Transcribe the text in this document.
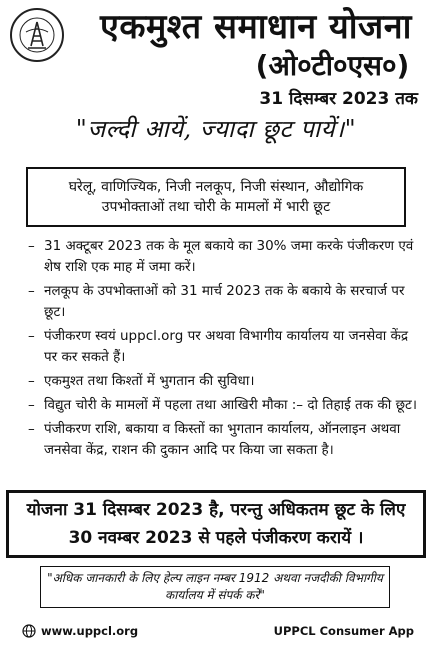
एकमुश्त समाधान योजना
(ओ०टी०एस०)
31 दिसम्बर 2023 तक
"जल्दी आयें, ज्यादा छूट पायें।"
घरेलू, वाणिज्यिक, निजी नलकूप, निजी संस्थान, औद्योगिक उपभोक्ताओं तथा चोरी के मामलों में भारी छूट
– 31 अक्टूबर 2023 तक के मूल बकाये का 30% जमा करके पंजीकरण एवं शेष राशि एक माह में जमा करें।
– नलकूप के उपभोक्ताओं को 31 मार्च 2023 तक के बकाये के सरचार्ज पर छूट।
– पंजीकरण स्वयं uppcl.org पर अथवा विभागीय कार्यालय या जनसेवा केंद्र पर कर सकते हैं।
– एकमुश्त तथा किश्तों में भुगतान की सुविधा।
– विद्युत चोरी के मामलों में पहला तथा आखिरी मौका :– दो तिहाई तक की छूट।
– पंजीकरण राशि, बकाया व किस्तों का भुगतान कार्यालय, ऑनलाइन अथवा जनसेवा केंद्र, राशन की दुकान आदि पर किया जा सकता है।
योजना 31 दिसम्बर 2023 है, परन्तु अधिकतम छूट के लिए 30 नवम्बर 2023 से पहले पंजीकरण करायें ।
"अधिक जानकारी के लिए हेल्प लाइन नम्बर 1912 अथवा नजदीकी विभागीय कार्यालय में संपर्क करें"
www.uppcl.org	UPPCL Consumer App
